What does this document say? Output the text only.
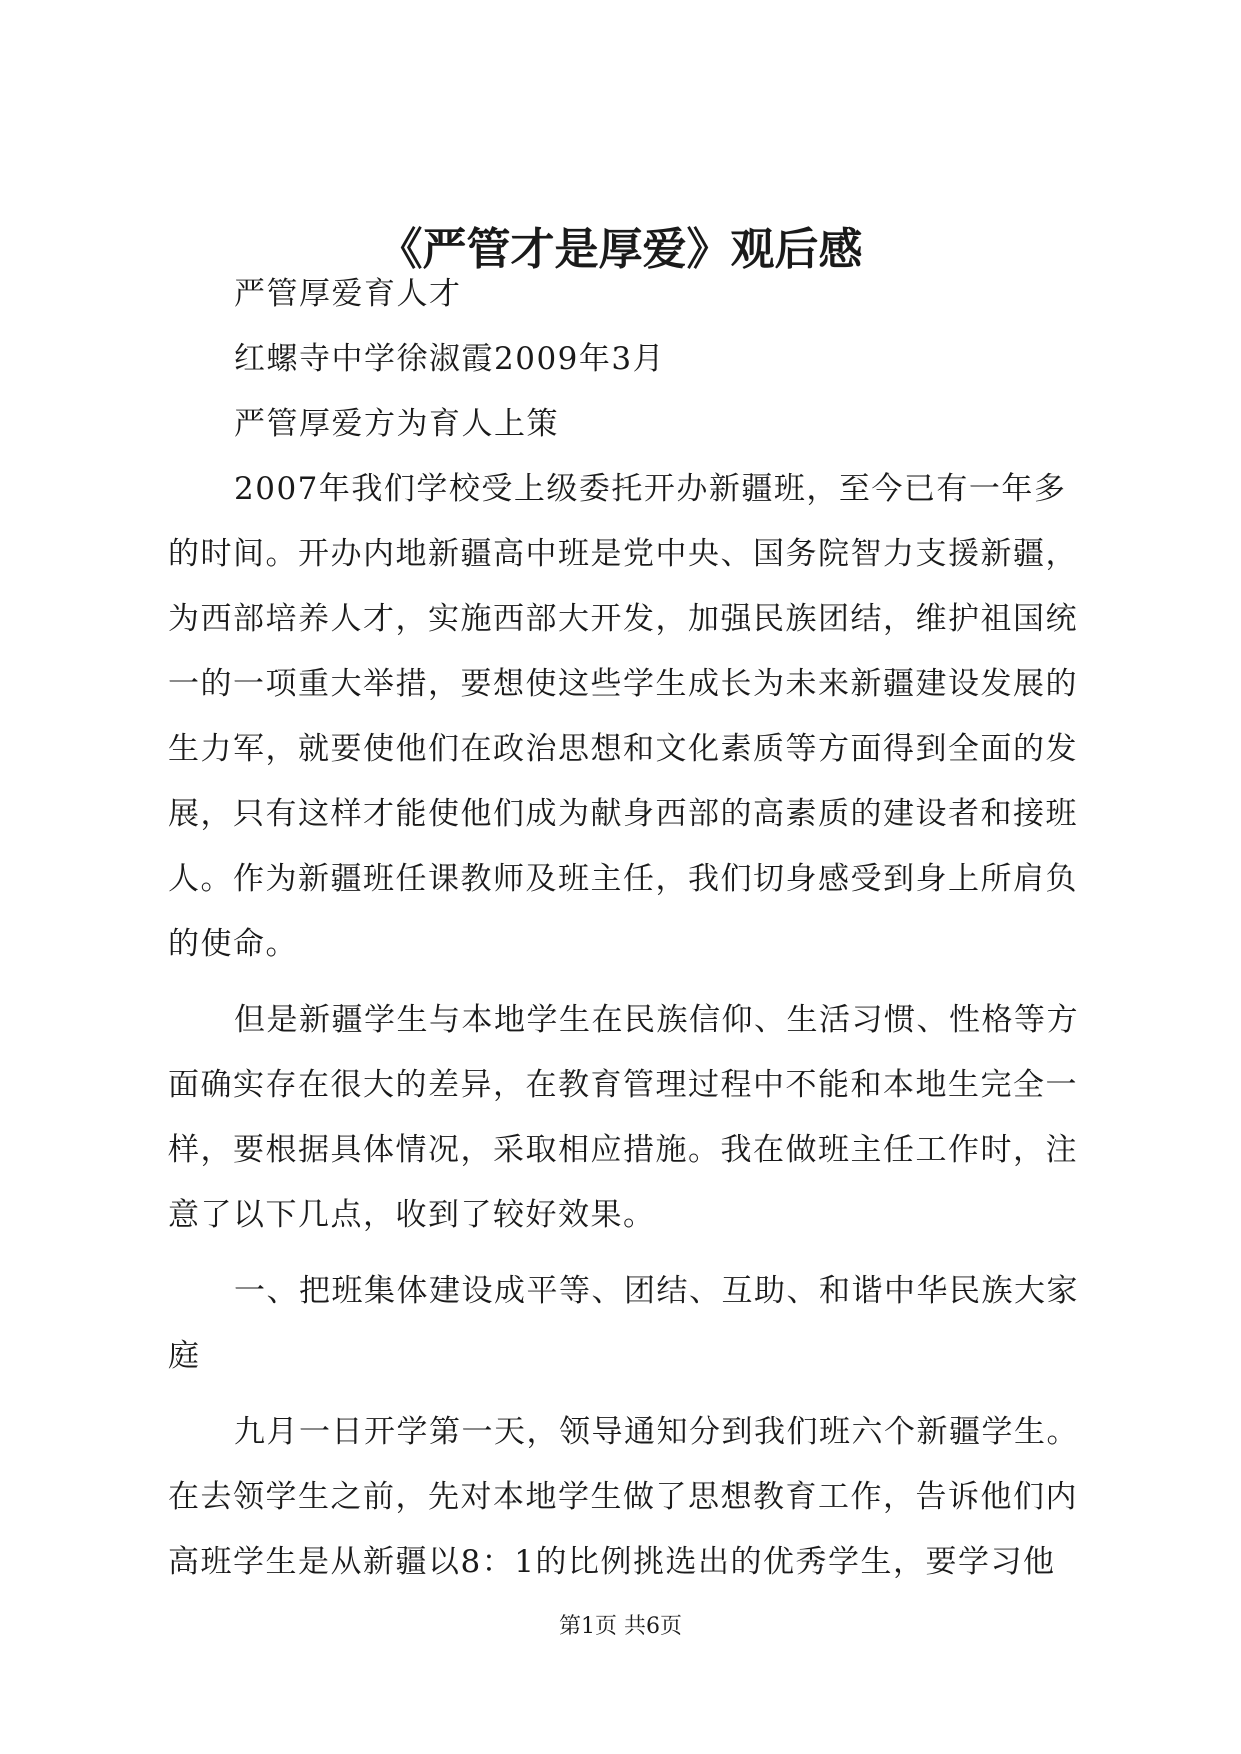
《严管才是厚爱》观后感

严管厚爱育人才

红螺寺中学徐淑霞2009年3月

严管厚爱方为育人上策

2007年我们学校受上级委托开办新疆班，至今已有一年多

的时间。开办内地新疆高中班是党中央、国务院智力支援新疆，

为西部培养人才，实施西部大开发，加强民族团结，维护祖国统

一的一项重大举措，要想使这些学生成长为未来新疆建设发展的

生力军，就要使他们在政治思想和文化素质等方面得到全面的发

展，只有这样才能使他们成为献身西部的高素质的建设者和接班

人。作为新疆班任课教师及班主任，我们切身感受到身上所肩负

的使命。

但是新疆学生与本地学生在民族信仰、生活习惯、性格等方

面确实存在很大的差异，在教育管理过程中不能和本地生完全一

样，要根据具体情况，采取相应措施。我在做班主任工作时，注

意了以下几点，收到了较好效果。

一、把班集体建设成平等、团结、互助、和谐中华民族大家

庭

九月一日开学第一天，领导通知分到我们班六个新疆学生。

在去领学生之前，先对本地学生做了思想教育工作，告诉他们内

高班学生是从新疆以8：1的比例挑选出的优秀学生，要学习他

第1页 共6页
